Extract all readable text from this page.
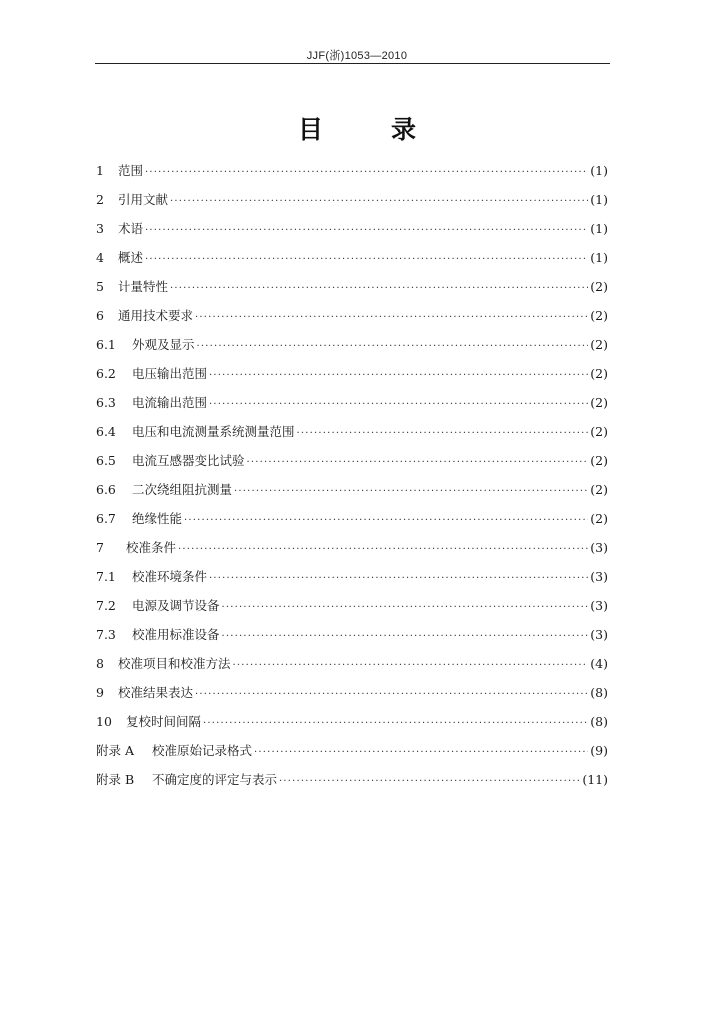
JJF(浙)1053—2010
目	录
1	范围 ·····	(1)
2	引用文献 ·····	(1)
3	术语 ·····	(1)
4	概述 ·····	(1)
5	计量特性 ·····	(2)
6	通用技术要求 ·····	(2)
6.1	外观及显示 ·····	(2)
6.2	电压输出范围 ·····	(2)
6.3	电流输出范围 ·····	(2)
6.4	电压和电流测量系统测量范围 ·····	(2)
6.5	电流互感器变比试验 ·····	(2)
6.6	二次绕组阻抗测量 ·····	(2)
6.7	绝缘性能 ·····	(2)
7	校准条件 ·····	(3)
7.1	校准环境条件 ·····	(3)
7.2	电源及调节设备 ·····	(3)
7.3	校准用标准设备 ·····	(3)
8	校准项目和校准方法 ·····	(4)
9	校准结果表达 ·····	(8)
10	复校时间间隔 ·····	(8)
附录 A	校准原始记录格式 ·····	(9)
附录 B	不确定度的评定与表示 ·····	(11)
